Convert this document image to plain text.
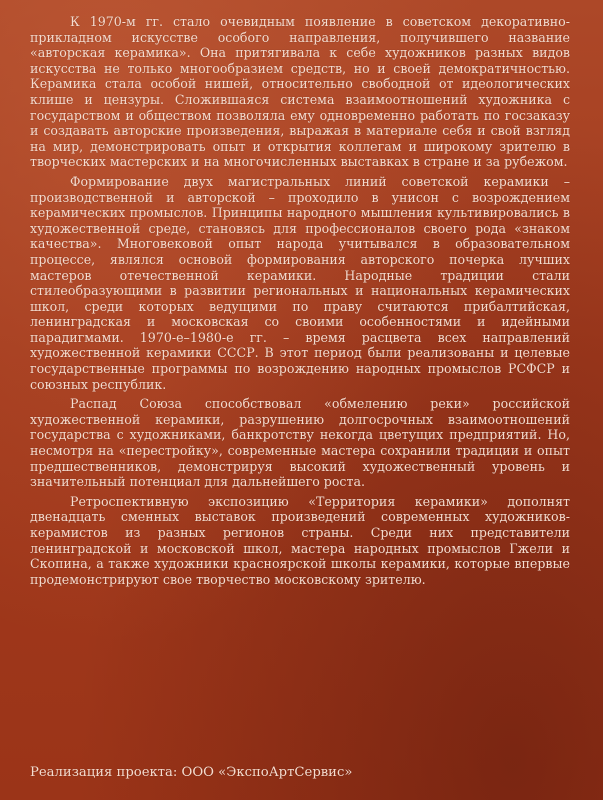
К 1970-м гг. стало очевидным появление в советском декоративно-прикладном искусстве особого направления, получившего название «авторская керамика». Она притягивала к себе художников разных видов искусства не только многообразием средств, но и своей демократичностью. Керамика стала особой нишей, относительно свободной от идеологических клише и цензуры. Сложившаяся система взаимоотношений художника с государством и обществом позволяла ему одновременно работать по госзаказу и создавать авторские произведения, выражая в материале себя и свой взгляд на мир, демонстрировать опыт и открытия коллегам и широкому зрителю в творческих мастерских и на многочисленных выставках в стране и за рубежом.

Формирование двух магистральных линий советской керамики – производственной и авторской – проходило в унисон с возрождением керамических промыслов. Принципы народного мышления культивировались в художественной среде, становясь для профессионалов своего рода «знаком качества». Многовековой опыт народа учитывался в образовательном процессе, являлся основой формирования авторского почерка лучших мастеров отечественной керамики. Народные традиции стали стилеобразующими в развитии региональных и национальных керамических школ, среди которых ведущими по праву считаются прибалтийская, ленинградская и московская со своими особенностями и идейными парадигмами. 1970-е–1980-е гг. – время расцвета всех направлений художественной керамики СССР. В этот период были реализованы и целевые государственные программы по возрождению народных промыслов РСФСР и союзных республик.

Распад Союза способствовал «обмелению реки» российской художественной керамики, разрушению долгосрочных взаимоотношений государства с художниками, банкротству некогда цветущих предприятий. Но, несмотря на «перестройку», современные мастера сохранили традиции и опыт предшественников, демонстрируя высокий художественный уровень и значительный потенциал для дальнейшего роста.

Ретроспективную экспозицию «Территория керамики» дополнят двенадцать сменных выставок произведений современных художников-керамистов из разных регионов страны. Среди них представители ленинградской и московской школ, мастера народных промыслов Гжели и Скопина, а также художники красноярской школы керамики, которые впервые продемонстрируют свое творчество московскому зрителю.

Реализация проекта: ООО «ЭкспоАртСервис»
